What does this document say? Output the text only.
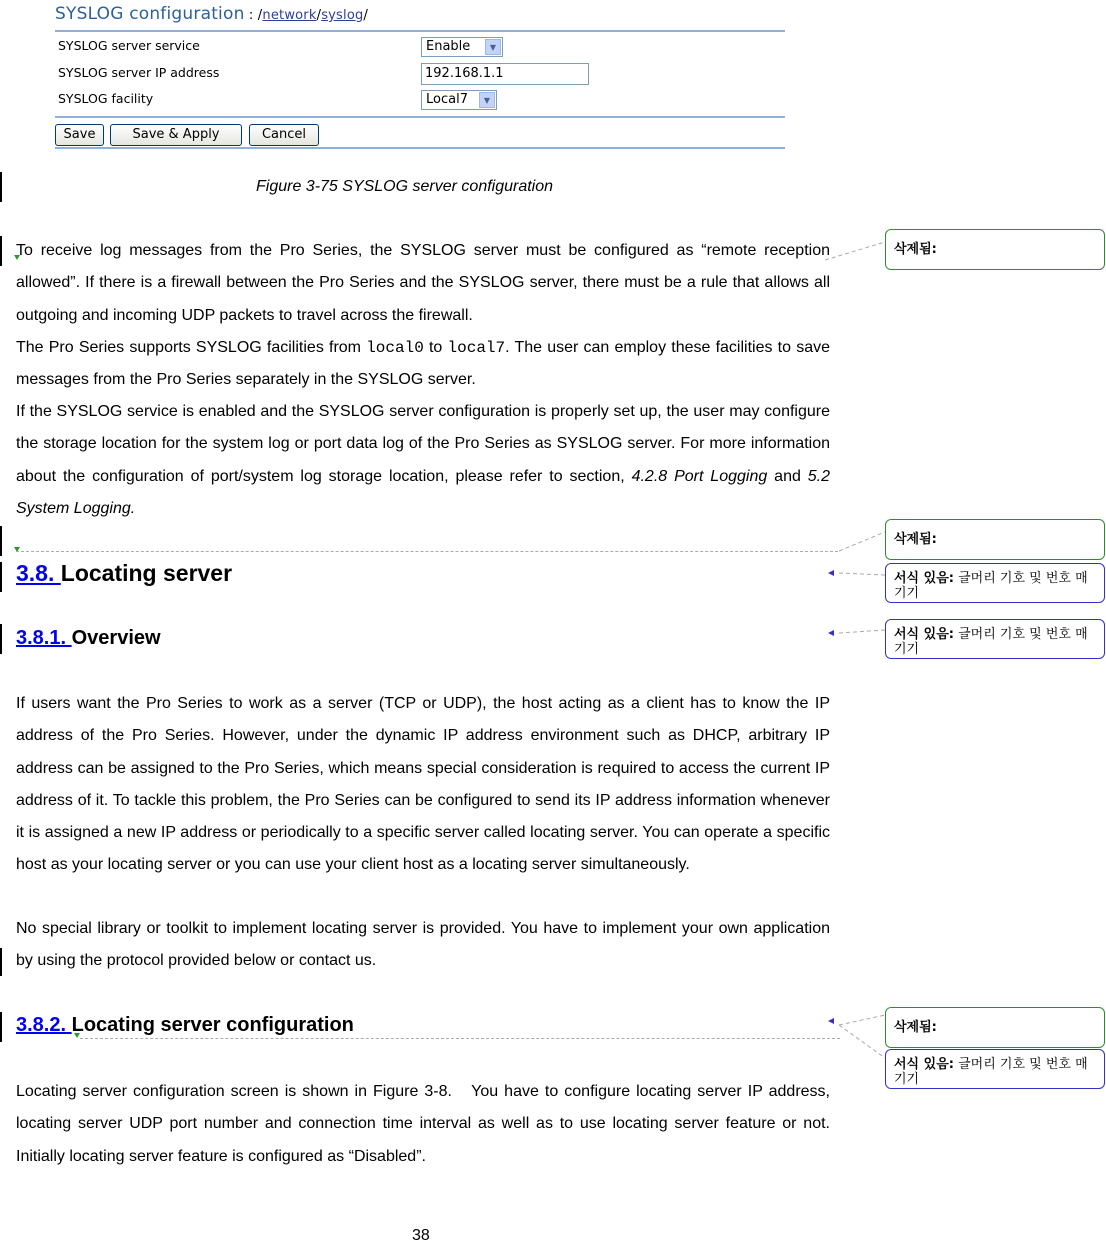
SYSLOG configuration : /network/syslog/
SYSLOG server service	Enable	▼
SYSLOG server IP address	192.168.1.1
SYSLOG facility	Local7	▼
Save	Save & Apply	Cancel
Figure 3-75 SYSLOG server configuration
To receive log messages from the Pro Series, the SYSLOG server must be configured as “remote reception allowed”. If there is a firewall between the Pro Series and the SYSLOG server, there must be a rule that allows all outgoing and incoming UDP packets to travel across the firewall.
The Pro Series supports SYSLOG facilities from local0 to local7. The user can employ these facilities to save messages from the Pro Series separately in the SYSLOG server.
If the SYSLOG service is enabled and the SYSLOG server configuration is properly set up, the user may configure the storage location for the system log or port data log of the Pro Series as SYSLOG server. For more information about the configuration of port/system log storage location, please refer to section, 4.2.8 Port Logging and 5.2 System Logging.
3.8. Locating server
3.8.1. Overview
If users want the Pro Series to work as a server (TCP or UDP), the host acting as a client has to know the IP address of the Pro Series. However, under the dynamic IP address environment such as DHCP, arbitrary IP address can be assigned to the Pro Series, which means special consideration is required to access the current IP address of it. To tackle this problem, the Pro Series can be configured to send its IP address information whenever it is assigned a new IP address or periodically to a specific server called locating server. You can operate a specific host as your locating server or you can use your client host as a locating server simultaneously.
No special library or toolkit to implement locating server is provided. You have to implement your own application by using the protocol provided below or contact us.
3.8.2. Locating server configuration
Locating server configuration screen is shown in Figure 3-8.　You have to configure locating server IP address, locating server UDP port number and connection time interval as well as to use locating server feature or not.　Initially locating server feature is configured as “Disabled”.
38
삭제됨:
삭제됨:
서식 있음: 글머리 기호 및 번호 매기기
서식 있음: 글머리 기호 및 번호 매기기
삭제됨:
서식 있음: 글머리 기호 및 번호 매기기
